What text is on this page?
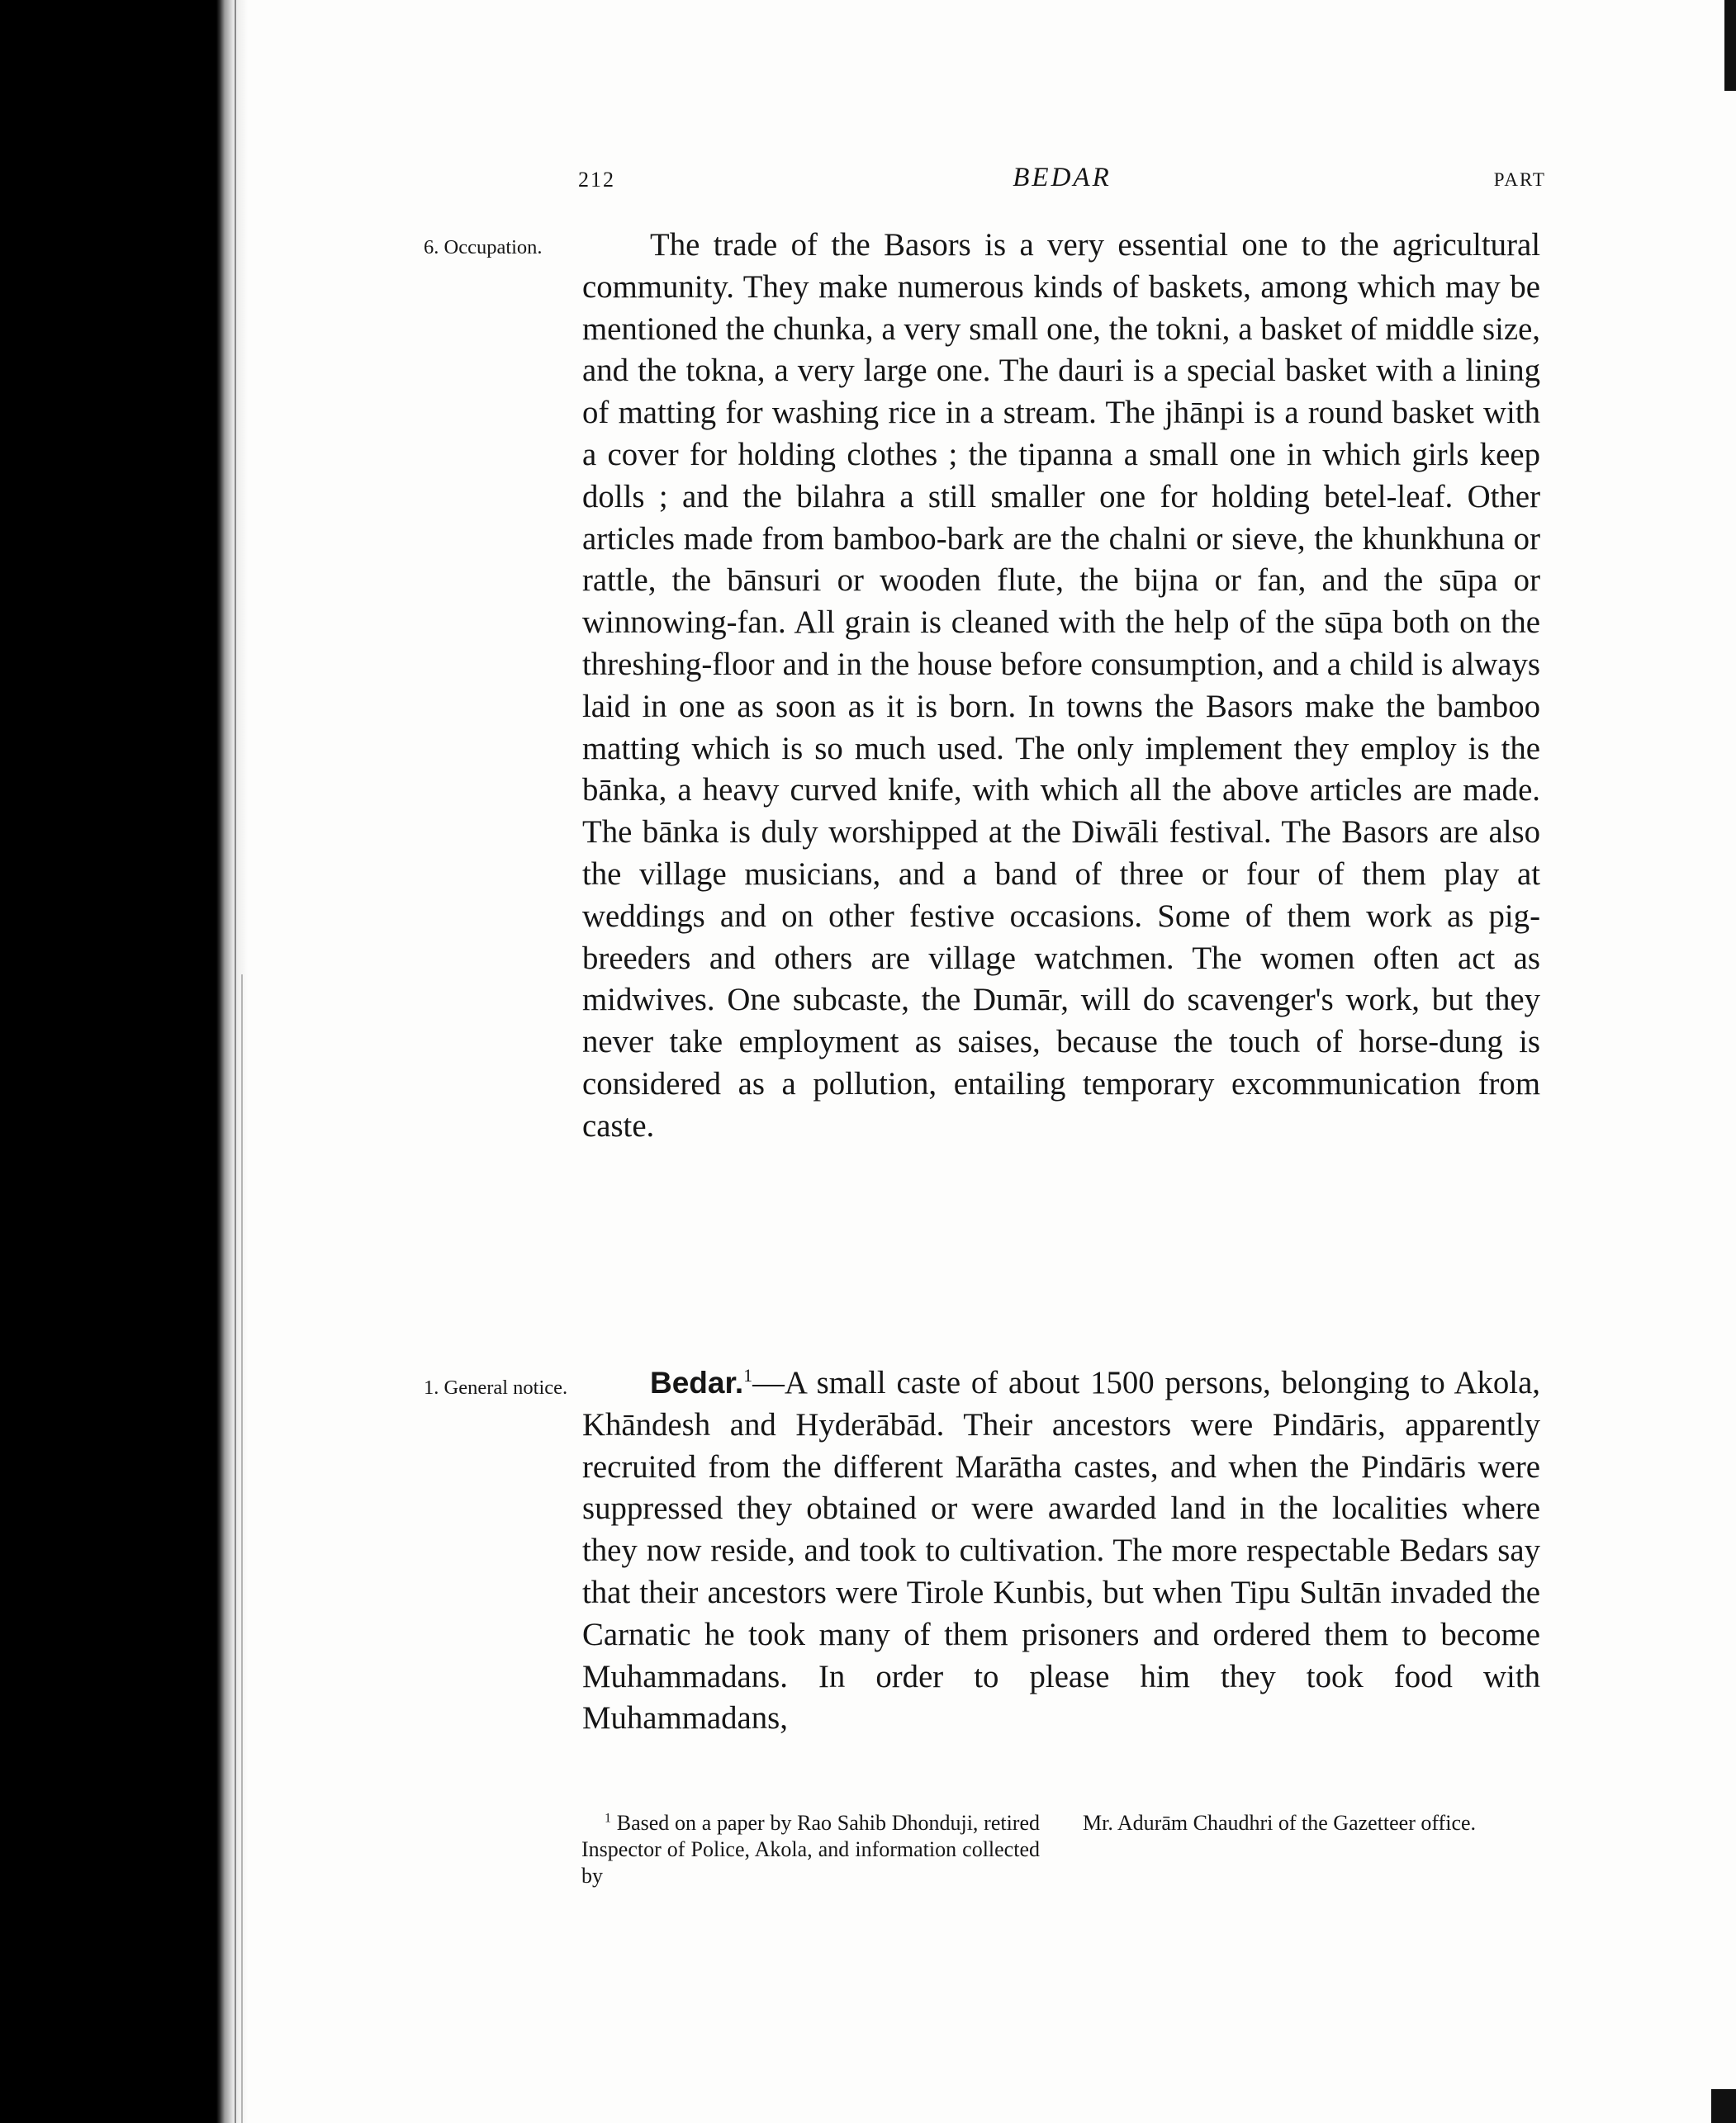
212	BEDAR	PART
6. Occupation.	The trade of the Basors is a very essential one to the agricultural community. They make numerous kinds of baskets, among which may be mentioned the chunka, a very small one, the tokni, a basket of middle size, and the tokna, a very large one. The dauri is a special basket with a lining of matting for washing rice in a stream. The jhānpi is a round basket with a cover for holding clothes ; the tipanna a small one in which girls keep dolls ; and the bilahra a still smaller one for holding betel-leaf. Other articles made from bamboo-bark are the chalni or sieve, the khunkhuna or rattle, the bānsuri or wooden flute, the bijna or fan, and the sūpa or winnowing-fan. All grain is cleaned with the help of the sūpa both on the threshing-floor and in the house before consumption, and a child is always laid in one as soon as it is born. In towns the Basors make the bamboo matting which is so much used. The only implement they employ is the bānka, a heavy curved knife, with which all the above articles are made. The bānka is duly worshipped at the Diwāli festival. The Basors are also the village musicians, and a band of three or four of them play at weddings and on other festive occasions. Some of them work as pig-breeders and others are village watchmen. The women often act as midwives. One subcaste, the Dumār, will do scavenger's work, but they never take employment as saises, because the touch of horse-dung is considered as a pollution, entailing temporary excommunication from caste.

1. General notice.	Bedar.$^1$—A small caste of about 1500 persons, belonging to Akola, Khāndesh and Hyderābād. Their ancestors were Pindāris, apparently recruited from the different Marātha castes, and when the Pindāris were suppressed they obtained or were awarded land in the localities where they now reside, and took to cultivation. The more respectable Bedars say that their ancestors were Tirole Kunbis, but when Tipu Sultān invaded the Carnatic he took many of them prisoners and ordered them to become Muhammadans. In order to please him they took food with Muhammadans,

$^1$ Based on a paper by Rao Sahib Dhonduji, retired Inspector of Police, Akola, and information collected by

Mr. Adurām Chaudhri of the Gazetteer office.
